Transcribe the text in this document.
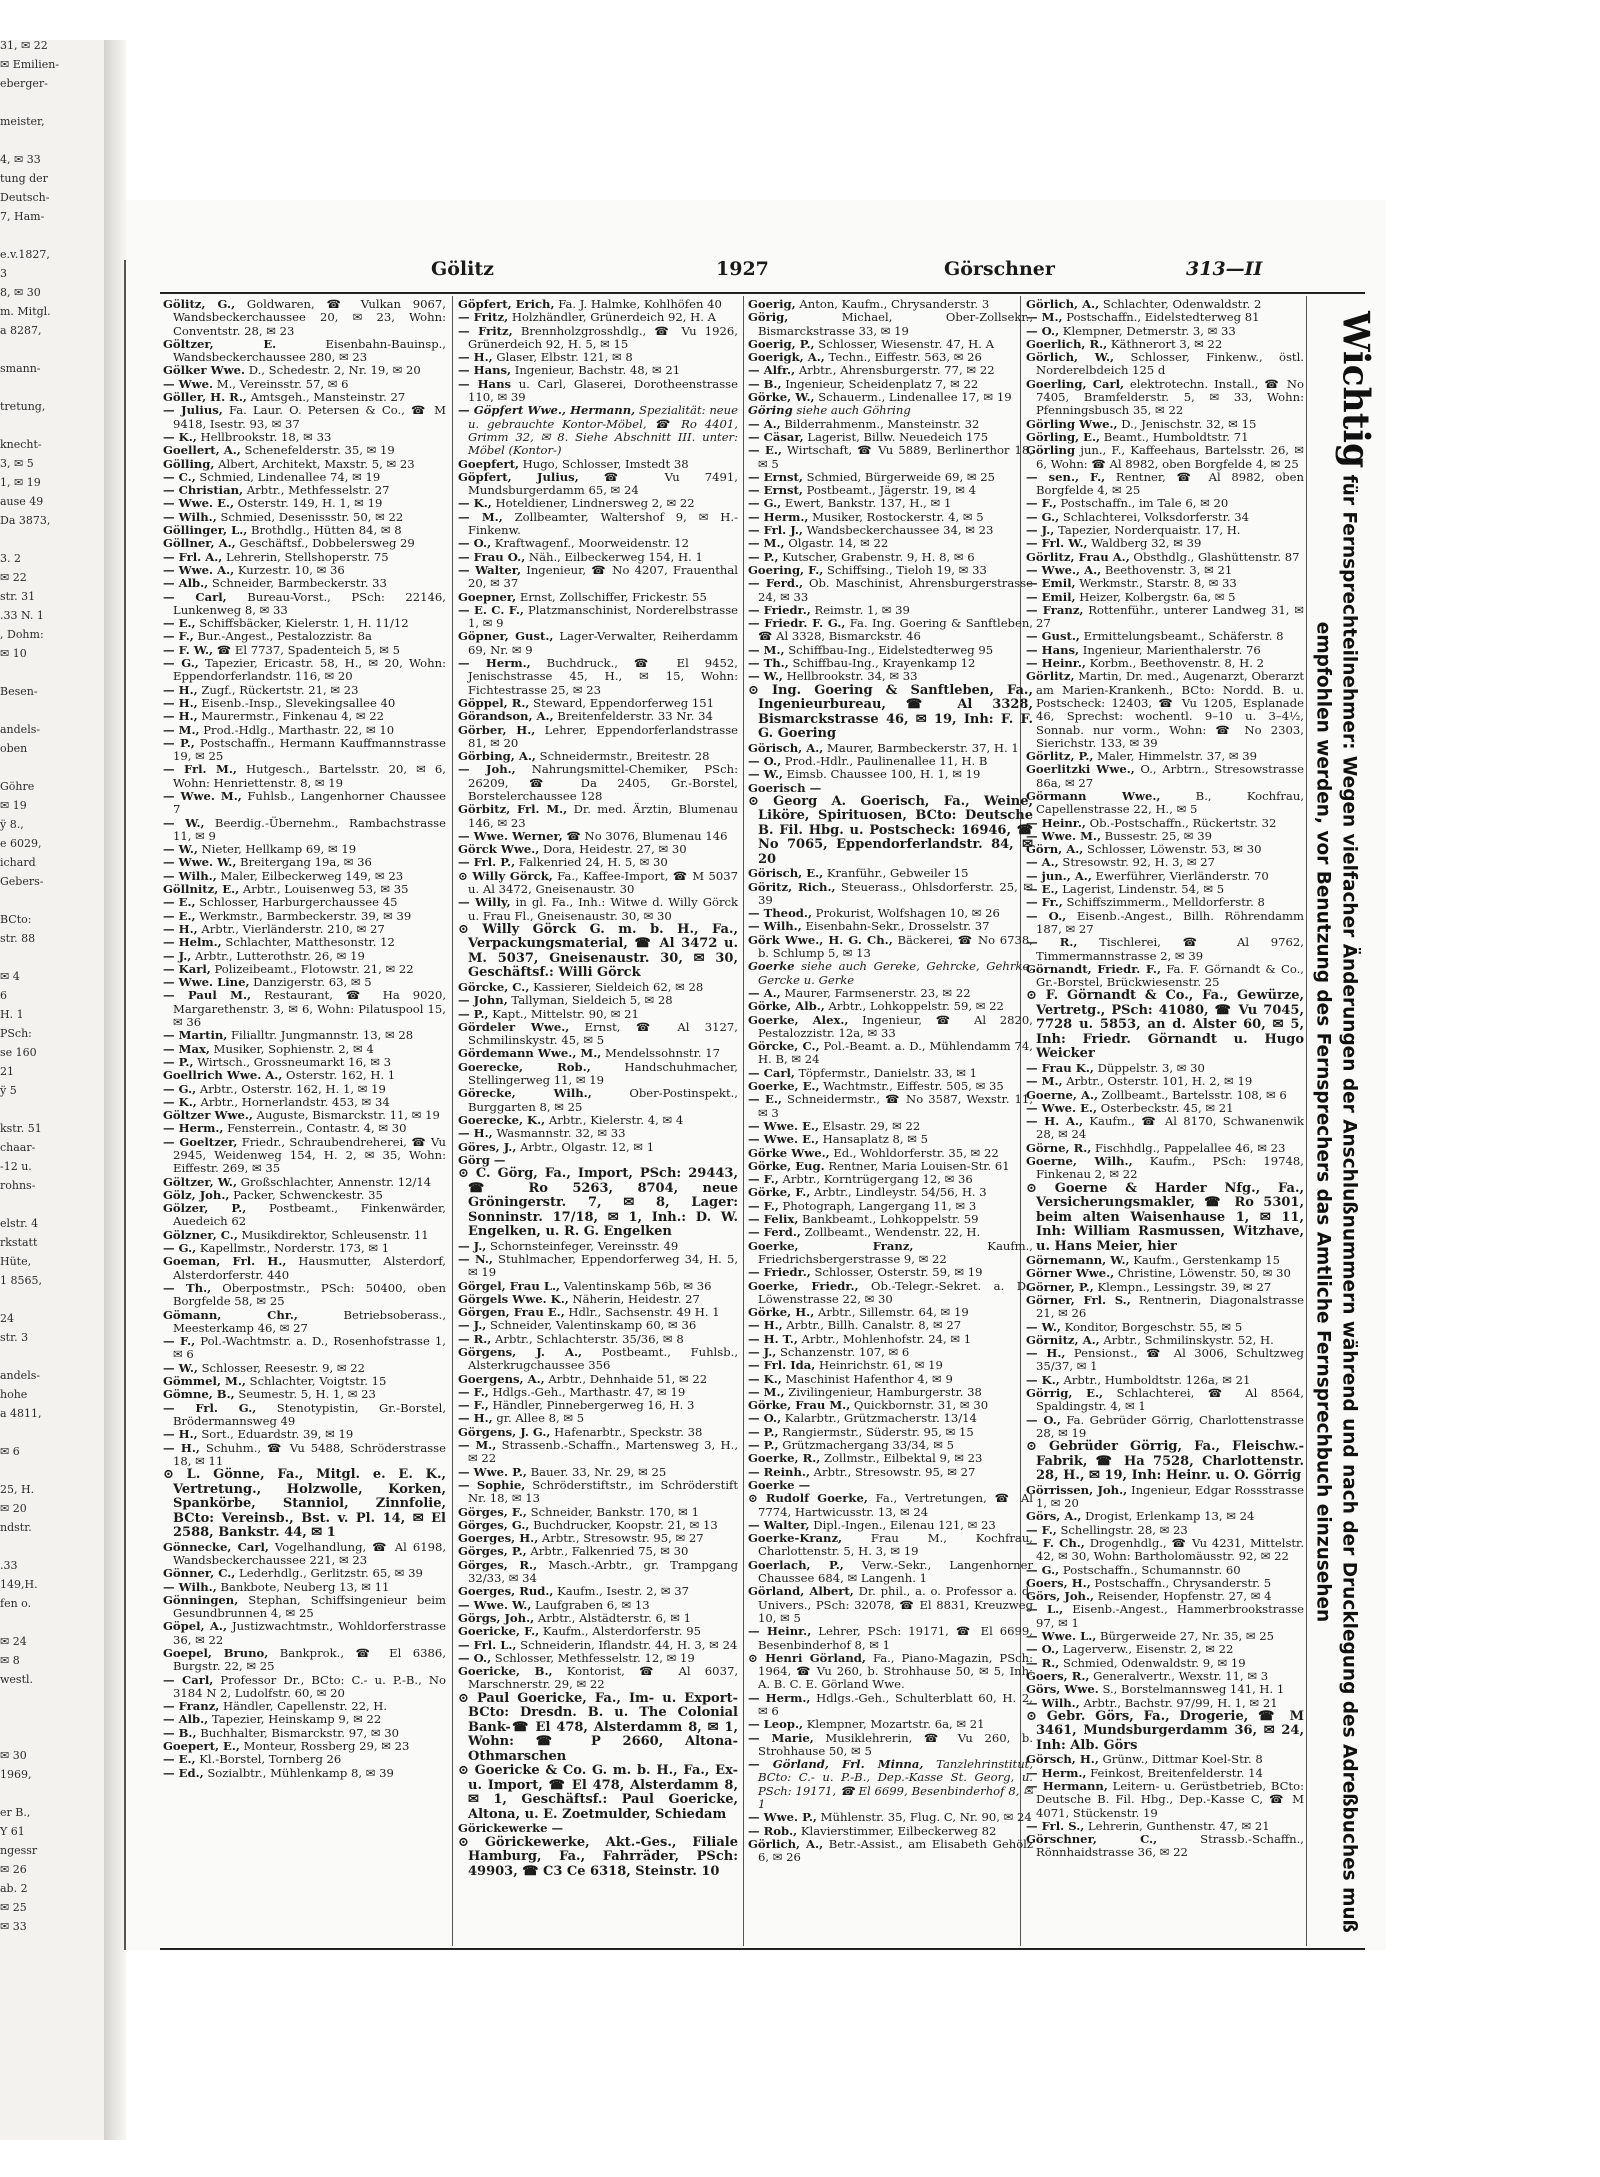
31, ✉ 22
✉ Emilien-
eberger-
meister,
4, ✉ 33
tung der
Deutsch-
7, Ham-
e.v.1827,
3
8, ✉ 30
m. Mitgl.
a 8287,
smann-
tretung,
knecht-
3, ✉ 5
1, ✉ 19
ause 49
Da 3873,
3. 2
✉ 22
str. 31
.33 N. 1
, Dohm:
✉ 10
Besen-
andels-
oben
Göhre
✉ 19
ÿ 8.,
e 6029,
ichard
Gebers-
BCto:
str. 88
✉ 4
6
H. 1
PSch:
se 160
21
ÿ 5
kstr. 51
chaar-
-12 u.
rohns-
elstr. 4
rkstatt
Hüte,
1 8565,
24
str. 3
andels-
hohe
a 4811,
✉ 6
25, H.
✉ 20
ndstr.
.33
149,H.
fen o.
✉ 24
✉ 8
westl.
✉ 30
1969,
er B.,
Y 61
ngessr
✉ 26
ab. 2
✉ 25
✉ 33
Gölitz	1927	Görschner	313—II

Gölitz, G., Goldwaren, ☎ Vulkan 9067, Wandsbeckerchaussee 20, ✉ 23, Wohn: Conventstr. 28, ✉ 23

Göltzer, E. Eisenbahn-Bauinsp., Wandsbeckerchaussee 280, ✉ 23

Gölker Wwe. D., Schedestr. 2, Nr. 19, ✉ 20

— Wwe. M., Vereinsstr. 57, ✉ 6

Göller, H. R., Amtsgeh., Mansteinstr. 27

— Julius, Fa. Laur. O. Petersen & Co., ☎ M 9418, Isestr. 93, ✉ 37

— K., Hellbrookstr. 18, ✉ 33

Goellert, A., Schenefelderstr. 35, ✉ 19

Gölling, Albert, Architekt, Maxstr. 5, ✉ 23

— C., Schmied, Lindenallee 74, ✉ 19

— Christian, Arbtr., Methfesselstr. 27

— Wwe. E., Osterstr. 149, H. 1, ✉ 19

— Wilh., Schmied, Desenissstr. 50, ✉ 22

Göllinger, L., Brothdlg., Hütten 84, ✉ 8

Göllner, A., Geschäftsf., Dobbelersweg 29

— Frl. A., Lehrerin, Stellshoperstr. 75

— Wwe. A., Kurzestr. 10, ✉ 36

— Alb., Schneider, Barmbeckerstr. 33

— Carl, Bureau-Vorst., PSch: 22146, Lunkenweg 8, ✉ 33

— E., Schiffsbäcker, Kielerstr. 1, H. 11/12

— F., Bur.-Angest., Pestalozzistr. 8a

— F. W., ☎ El 7737, Spadenteich 5, ✉ 5

— G., Tapezier, Ericastr. 58, H., ✉ 20, Wohn: Eppendorferlandstr. 116, ✉ 20

— H., Zugf., Rückertstr. 21, ✉ 23

— H., Eisenb.-Insp., Slevekingsallee 40

— H., Maurermstr., Finkenau 4, ✉ 22

— M., Prod.-Hdlg., Marthastr. 22, ✉ 10

— P., Postschaffn., Hermann Kauffmannstrasse 19, ✉ 25

— Frl. M., Hutgesch., Bartelsstr. 20, ✉ 6, Wohn: Henriettenstr. 8, ✉ 19

— Wwe. M., Fuhlsb., Langenhorner Chaussee 7

— W., Beerdig.-Übernehm., Rambachstrasse 11, ✉ 9

— W., Nieter, Hellkamp 69, ✉ 19

— Wwe. W., Breitergang 19a, ✉ 36

— Wilh., Maler, Eilbeckerweg 149, ✉ 23

Göllnitz, E., Arbtr., Louisenweg 53, ✉ 35

— E., Schlosser, Harburgerchaussee 45

— E., Werkmstr., Barmbeckerstr. 39, ✉ 39

— H., Arbtr., Vierländerstr. 210, ✉ 27

— Helm., Schlachter, Matthesonstr. 12

— J., Arbtr., Lutterothstr. 26, ✉ 19

— Karl, Polizeibeamt., Flotowstr. 21, ✉ 22

— Wwe. Line, Danzigerstr. 63, ✉ 5

— Paul M., Restaurant, ☎ Ha 9020, Margarethenstr. 3, ✉ 6, Wohn: Pilatuspool 15, ✉ 36

— Martin, Filialltr. Jungmannstr. 13, ✉ 28

— Max, Musiker, Sophienstr. 2, ✉ 4

— P., Wirtsch., Grossneumarkt 16, ✉ 3

Goellrich Wwe. A., Osterstr. 162, H. 1

— G., Arbtr., Osterstr. 162, H. 1, ✉ 19

— K., Arbtr., Hornerlandstr. 453, ✉ 34

Göltzer Wwe., Auguste, Bismarckstr. 11, ✉ 19

— Herm., Fensterrein., Contastr. 4, ✉ 30

— Goeltzer, Friedr., Schraubendreherei, ☎ Vu 2945, Weidenweg 154, H. 2, ✉ 35, Wohn: Eiffestr. 269, ✉ 35

Göltzer, W., Großschlachter, Annenstr. 12/14

Gölz, Joh., Packer, Schwenckestr. 35

Gölzer, P., Postbeamt., Finkenwärder, Auedeich 62

Gölzner, C., Musikdirektor, Schleusenstr. 11

— G., Kapellmstr., Norderstr. 173, ✉ 1

Goeman, Frl. H., Hausmutter, Alsterdorf, Alsterdorferstr. 440

— Th., Oberpostmstr., PSch: 50400, oben Borgfelde 58, ✉ 25

Gömann, Chr., Betriebsoberass., Meesterkamp 46, ✉ 27

— F., Pol.-Wachtmstr. a. D., Rosenhofstrasse 1, ✉ 6

— W., Schlosser, Reesestr. 9, ✉ 22

Gömmel, M., Schlachter, Voigtstr. 15

Gömne, B., Seumestr. 5, H. 1, ✉ 23

— Frl. G., Stenotypistin, Gr.-Borstel, Brödermannsweg 49

— H., Sort., Eduardstr. 39, ✉ 19

— H., Schuhm., ☎ Vu 5488, Schröderstrasse 18, ✉ 11

⊙ L. Gönne, Fa., Mitgl. e. E. K., Vertretung., Holzwolle, Korken, Spankörbe, Stanniol, Zinnfolie, BCto: Vereinsb., Bst. v. Pl. 14, ✉ El 2588, Bankstr. 44, ✉ 1

Gönnecke, Carl, Vogelhandlung, ☎ Al 6198, Wandsbeckerchaussee 221, ✉ 23

Gönner, C., Lederhdlg., Gerlitzstr. 65, ✉ 39

— Wilh., Bankbote, Neuberg 13, ✉ 11

Gönningen, Stephan, Schiffsingenieur beim Gesundbrunnen 4, ✉ 25

Göpel, A., Justizwachtmstr., Wohldorferstrasse 36, ✉ 22

Goepel, Bruno, Bankprok., ☎ El 6386, Burgstr. 22, ✉ 25

— Carl, Professor Dr., BCto: C.- u. P.-B., No 3184 N 2, Ludolfstr. 60, ✉ 20

— Franz, Händler, Capellenstr. 22, H.

— Alb., Tapezier, Heinskamp 9, ✉ 22

— B., Buchhalter, Bismarckstr. 97, ✉ 30

Goepert, E., Monteur, Rossberg 29, ✉ 23

— E., Kl.-Borstel, Tornberg 26

— Ed., Sozialbtr., Mühlenkamp 8, ✉ 39

Göpfert, Erich, Fa. J. Halmke, Kohlhöfen 40

— Fritz, Holzhändler, Grünerdeich 92, H. A

— Fritz, Brennholzgrosshdlg., ☎ Vu 1926, Grünerdeich 92, H. 5, ✉ 15

— H., Glaser, Elbstr. 121, ✉ 8

— Hans, Ingenieur, Bachstr. 48, ✉ 21

— Hans u. Carl, Glaserei, Dorotheenstrasse 110, ✉ 39

— Göpfert Wwe., Hermann, Spezialität: neue u. gebrauchte Kontor-Möbel, ☎ Ro 4401, Grimm 32, ✉ 8. Siehe Abschnitt III. unter: Möbel (Kontor-)

Goepfert, Hugo, Schlosser, Imstedt 38

Göpfert, Julius, ☎ Vu 7491, Mundsburgerdamm 65, ✉ 24

— K., Hoteldiener, Lindnersweg 2, ✉ 22

— M., Zollbeamter, Waltershof 9, ✉ H.-Finkenw.

— O., Kraftwagenf., Moorweidenstr. 12

— Frau O., Näh., Eilbeckerweg 154, H. 1

— Walter, Ingenieur, ☎ No 4207, Frauenthal 20, ✉ 37

Goepner, Ernst, Zollschiffer, Frickestr. 55

— E. C. F., Platzmanschinist, Norderelbstrasse 1, ✉ 9

Göpner, Gust., Lager-Verwalter, Reiherdamm 69, Nr. ✉ 9

— Herm., Buchdruck., ☎ El 9452, Jenischstrasse 45, H., ✉ 15, Wohn: Fichtestrasse 25, ✉ 23

Göppel, R., Steward, Eppendorferweg 151

Görandson, A., Breitenfelderstr. 33 Nr. 34

Görber, H., Lehrer, Eppendorferlandstrasse 81, ✉ 20

Görbing, A., Schneidermstr., Breitestr. 28

— Joh., Nahrungsmittel-Chemiker, PSch: 26209, ☎ Da 2405, Gr.-Borstel, Borstelerchaussee 128

Görbitz, Frl. M., Dr. med. Ärztin, Blumenau 146, ✉ 23

— Wwe. Werner, ☎ No 3076, Blumenau 146

Görck Wwe., Dora, Heidestr. 27, ✉ 30

— Frl. P., Falkenried 24, H. 5, ✉ 30

⊙ Willy Görck, Fa., Kaffee-Import, ☎ M 5037 u. Al 3472, Gneisenaustr. 30

— Willy, in gl. Fa., Inh.: Witwe d. Willy Görck u. Frau Fl., Gneisenaustr. 30, ✉ 30

⊙ Willy Görck G. m. b. H., Fa., Verpackungsmaterial, ☎ Al 3472 u. M. 5037, Gneisenaustr. 30, ✉ 30, Geschäftsf.: Willi Görck

Görcke, C., Kassierer, Sieldeich 62, ✉ 28

— John, Tallyman, Sieldeich 5, ✉ 28

— P., Kapt., Mittelstr. 90, ✉ 21

Gördeler Wwe., Ernst, ☎ Al 3127, Schmilinskystr. 45, ✉ 5

Gördemann Wwe., M., Mendelssohnstr. 17

Goerecke, Rob., Handschuhmacher, Stellingerweg 11, ✉ 19

Görecke, Wilh., Ober-Postinspekt., Burggarten 8, ✉ 25

Goerecke, K., Arbtr., Kielerstr. 4, ✉ 4

— H., Wasmannstr. 32, ✉ 33

Göres, J., Arbtr., Olgastr. 12, ✉ 1

Görg —

⊙ C. Görg, Fa., Import, PSch: 29443, ☎ Ro 5263, 8704, neue Gröningerstr. 7, ✉ 8, Lager: Sonninstr. 17/18, ✉ 1, Inh.: D. W. Engelken, u. R. G. Engelken

— J., Schornsteinfeger, Vereinsstr. 49

— N., Stuhlmacher, Eppendorferweg 34, H. 5, ✉ 19

Görgel, Frau L., Valentinskamp 56b, ✉ 36

Görgels Wwe. K., Näherin, Heidestr. 27

Görgen, Frau E., Hdlr., Sachsenstr. 49 H. 1

— J., Schneider, Valentinskamp 60, ✉ 36

— R., Arbtr., Schlachterstr. 35/36, ✉ 8

Görgens, J. A., Postbeamt., Fuhlsb., Alsterkrugchaussee 356

Goergens, A., Arbtr., Dehnhaide 51, ✉ 22

— F., Hdlgs.-Geh., Marthastr. 47, ✉ 19

— F., Händler, Pinnebergerweg 16, H. 3

— H., gr. Allee 8, ✉ 5

Görgens, J. G., Hafenarbtr., Speckstr. 38

— M., Strassenb.-Schaffn., Martensweg 3, H., ✉ 22

— Wwe. P., Bauer. 33, Nr. 29, ✉ 25

— Sophie, Schröderstiftstr., im Schröderstift Nr. 18, ✉ 13

Görges, F., Schneider, Bankstr. 170, ✉ 1

Görges, G., Buchdrucker, Koopstr. 21, ✉ 13

Goerges, H., Arbtr., Stresowstr. 95, ✉ 27

Görges, P., Arbtr., Falkenried 75, ✉ 30

Görges, R., Masch.-Arbtr., gr. Trampgang 32/33, ✉ 34

Goerges, Rud., Kaufm., Isestr. 2, ✉ 37

— Wwe. W., Laufgraben 6, ✉ 13

Görgs, Joh., Arbtr., Alstädterstr. 6, ✉ 1

Goericke, F., Kaufm., Alsterdorferstr. 95

— Frl. L., Schneiderin, Iflandstr. 44, H. 3, ✉ 24

— O., Schlosser, Methfesselstr. 12, ✉ 19

Goericke, B., Kontorist, ☎ Al 6037, Marschnerstr. 29, ✉ 22

⊙ Paul Goericke, Fa., Im- u. Export-BCto: Dresdn. B. u. The Colonial Bank-☎ El 478, Alsterdamm 8, ✉ 1, Wohn: ☎ P 2660, Altona-Othmarschen

⊙ Goericke & Co. G. m. b. H., Fa., Ex- u. Import, ☎ El 478, Alsterdamm 8, ✉ 1, Geschäftsf.: Paul Goericke, Altona, u. E. Zoetmulder, Schiedam

Görickewerke —

⊙ Görickewerke, Akt.-Ges., Filiale Hamburg, Fa., Fahrräder, PSch: 49903, ☎ C3 Ce 6318, Steinstr. 10

Goerig, Anton, Kaufm., Chrysanderstr. 3

Görig, Michael, Ober-Zollsekr., Bismarckstrasse 33, ✉ 19

Goerig, P., Schlosser, Wiesenstr. 47, H. A

Goerigk, A., Techn., Eiffestr. 563, ✉ 26

— Alfr., Arbtr., Ahrensburgerstr. 77, ✉ 22

— B., Ingenieur, Scheidenplatz 7, ✉ 22

Görke, W., Schauerm., Lindenallee 17, ✉ 19

Göring siehe auch Göhring

— A., Bilderrahmenm., Mansteinstr. 32

— Cäsar, Lagerist, Billw. Neuedeich 175

— E., Wirtschaft, ☎ Vu 5889, Berlinerthor 18, ✉ 5

— Ernst, Schmied, Bürgerweide 69, ✉ 25

— Ernst, Postbeamt., Jägerstr. 19, ✉ 4

— G., Ewert, Bankstr. 137, H., ✉ 1

— Herm., Musiker, Rostockerstr. 4, ✉ 5

— Frl. J., Wandsbeckerchaussee 34, ✉ 23

— M., Olgastr. 14, ✉ 22

— P., Kutscher, Grabenstr. 9, H. 8, ✉ 6

Goering, F., Schiffsing., Tieloh 19, ✉ 33

— Ferd., Ob. Maschinist, Ahrensburgerstrasse 24, ✉ 33

— Friedr., Reimstr. 1, ✉ 39

— Friedr. F. G., Fa. Ing. Goering & Sanftleben, ☎ Al 3328, Bismarckstr. 46

— M., Schiffbau-Ing., Eidelstedterweg 95

— Th., Schiffbau-Ing., Krayenkamp 12

— W., Hellbrookstr. 34, ✉ 33

⊙ Ing. Goering & Sanftleben, Fa., Ingenieurbureau, ☎ Al 3328, Bismarckstrasse 46, ✉ 19, Inh: F. F. G. Goering

Görisch, A., Maurer, Barmbeckerstr. 37, H. 1

— O., Prod.-Hdlr., Paulinenallee 11, H. B

— W., Eimsb. Chaussee 100, H. 1, ✉ 19

Goerisch —

⊙ Georg A. Goerisch, Fa., Weine, Liköre, Spirituosen, BCto: Deutsche B. Fil. Hbg. u. Postscheck: 16946, ☎ No 7065, Eppendorferlandstr. 84, ✉ 20

Görisch, E., Kranführ., Gebweiler 15

Göritz, Rich., Steuerass., Ohlsdorferstr. 25, ✉ 39

— Theod., Prokurist, Wolfshagen 10, ✉ 26

— Wilh., Eisenbahn-Sekr., Drosselstr. 37

Görk Wwe., H. G. Ch., Bäckerei, ☎ No 6738, b. Schlump 5, ✉ 13

Goerke siehe auch Gereke, Gehrcke, Gehrke, Gercke u. Gerke

— A., Maurer, Farmsenerstr. 23, ✉ 22

Görke, Alb., Arbtr., Lohkoppelstr. 59, ✉ 22

Goerke, Alex., Ingenieur, ☎ Al 2820, Pestalozzistr. 12a, ✉ 33

Görcke, C., Pol.-Beamt. a. D., Mühlendamm 74, H. B, ✉ 24

— Carl, Töpfermstr., Danielstr. 33, ✉ 1

Goerke, E., Wachtmstr., Eiffestr. 505, ✉ 35

— E., Schneidermstr., ☎ No 3587, Wexstr. 11, ✉ 3

— Wwe. E., Elsastr. 29, ✉ 22

— Wwe. E., Hansaplatz 8, ✉ 5

Görke Wwe., Ed., Wohldorferstr. 35, ✉ 22

Görke, Eug. Rentner, Maria Louisen-Str. 61

— F., Arbtr., Korntrügergang 12, ✉ 36

Görke, F., Arbtr., Lindleystr. 54/56, H. 3

— F., Photograph, Langergang 11, ✉ 3

— Felix, Bankbeamt., Lohkoppelstr. 59

— Ferd., Zollbeamt., Wendenstr. 22, H.

Goerke, Franz, Kaufm., Friedrichsbergerstrasse 9, ✉ 22

— Friedr., Schlosser, Osterstr. 59, ✉ 19

Goerke, Friedr., Ob.-Telegr.-Sekret. a. D., Löwenstrasse 22, ✉ 30

Görke, H., Arbtr., Sillemstr. 64, ✉ 19

— H., Arbtr., Billh. Canalstr. 8, ✉ 27

— H. T., Arbtr., Mohlenhofstr. 24, ✉ 1

— J., Schanzenstr. 107, ✉ 6

— Frl. Ida, Heinrichstr. 61, ✉ 19

— K., Maschinist Hafenthor 4, ✉ 9

— M., Zivilingenieur, Hamburgerstr. 38

Görke, Frau M., Quickbornstr. 31, ✉ 30

— O., Kalarbtr., Grützmacherstr. 13/14

— P., Rangiermstr., Süderstr. 95, ✉ 15

— P., Grützmachergang 33/34, ✉ 5

Goerke, R., Zollmstr., Eilbektal 9, ✉ 23

— Reinh., Arbtr., Stresowstr. 95, ✉ 27

Goerke —

⊙ Rudolf Goerke, Fa., Vertretungen, ☎ Al 7774, Hartwicusstr. 13, ✉ 24

— Walter, Dipl.-Ingen., Eilenau 121, ✉ 23

Goerke-Kranz, Frau M., Kochfrau, Charlottenstr. 5, H. 3, ✉ 19

Goerlach, P., Verw.-Sekr., Langenhorner Chaussee 684, ✉ Langenh. 1

Görland, Albert, Dr. phil., a. o. Professor a. d. Univers., PSch: 32078, ☎ El 8831, Kreuzweg 10, ✉ 5

— Heinr., Lehrer, PSch: 19171, ☎ El 6699, Besenbinderhof 8, ✉ 1

⊙ Henri Görland, Fa., Piano-Magazin, PSch: 1964, ☎ Vu 260, b. Strohhause 50, ✉ 5, Inh: A. B. C. E. Görland Wwe.

— Herm., Hdlgs.-Geh., Schulterblatt 60, H. 2, ✉ 6

— Leop., Klempner, Mozartstr. 6a, ✉ 21

— Marie, Musiklehrerin, ☎ Vu 260, b. Strohhause 50, ✉ 5

— Görland, Frl. Minna, Tanzlehrinstitut, BCto: C.- u. P.-B., Dep.-Kasse St. Georg, u. PSch: 19171, ☎ El 6699, Besenbinderhof 8, ✉ 1

— Wwe. P., Mühlenstr. 35, Flug. C, Nr. 90, ✉ 24

— Rob., Klavierstimmer, Eilbeckerweg 82

Görlich, A., Betr.-Assist., am Elisabeth Gehölz 6, ✉ 26

Görlich, A., Schlachter, Odenwaldstr. 2

— M., Postschaffn., Eidelstedterweg 81

— O., Klempner, Detmerstr. 3, ✉ 33

Goerlich, R., Käthnerort 3, ✉ 22

Görlich, W., Schlosser, Finkenw., östl. Norderelbdeich 125 d

Goerling, Carl, elektrotechn. Install., ☎ No 7405, Bramfelderstr. 5, ✉ 33, Wohn: Pfenningsbusch 35, ✉ 22

Görling Wwe., D., Jenischstr. 32, ✉ 15

Görling, E., Beamt., Humboldtstr. 71

Görling jun., F., Kaffeehaus, Bartelsstr. 26, ✉ 6, Wohn: ☎ Al 8982, oben Borgfelde 4, ✉ 25

— sen., F., Rentner, ☎ Al 8982, oben Borgfelde 4, ✉ 25

— F., Postschaffn., im Tale 6, ✉ 20

— G., Schlachterei, Volksdorferstr. 34

— J., Tapezier, Norderquaistr. 17, H.

— Frl. W., Waldberg 32, ✉ 39

Görlitz, Frau A., Obsthdlg., Glashüttenstr. 87

— Wwe., A., Beethovenstr. 3, ✉ 21

— Emil, Werkmstr., Starstr. 8, ✉ 33

— Emil, Heizer, Kolbergstr. 6a, ✉ 5

— Franz, Rottenführ., unterer Landweg 31, ✉ 27

— Gust., Ermittelungsbeamt., Schäferstr. 8

— Hans, Ingenieur, Marienthalerstr. 76

— Heinr., Korbm., Beethovenstr. 8, H. 2

Görlitz, Martin, Dr. med., Augenarzt, Oberarzt am Marien-Krankenh., BCto: Nordd. B. u. Postscheck: 12403, ☎ Vu 1205, Esplanade 46, Sprechst: wochentl. 9–10 u. 3–4½, Sonnab. nur vorm., Wohn: ☎ No 2303, Sierichstr. 133, ✉ 39

Görlitz, P., Maler, Himmelstr. 37, ✉ 39

Goerlitzki Wwe., O., Arbtrn., Stresowstrasse 86a, ✉ 27

Görmann Wwe., B., Kochfrau, Capellenstrasse 22, H., ✉ 5

— Heinr., Ob.-Postschaffn., Rückertstr. 32

— Wwe. M., Bussestr. 25, ✉ 39

Görn, A., Schlosser, Löwenstr. 53, ✉ 30

— A., Stresowstr. 92, H. 3, ✉ 27

— jun., A., Ewerführer, Vierländerstr. 70

— E., Lagerist, Lindenstr. 54, ✉ 5

— Fr., Schiffszimmerm., Melldorferstr. 8

— O., Eisenb.-Angest., Billh. Röhrendamm 187, ✉ 27

— R., Tischlerei, ☎ Al 9762, Timmermannstrasse 2, ✉ 39

Görnandt, Friedr. F., Fa. F. Görnandt & Co., Gr.-Borstel, Brückwiesenstr. 25

⊙ F. Görnandt & Co., Fa., Gewürze, Vertretg., PSch: 41080, ☎ Vu 7045, 7728 u. 5853, an d. Alster 60, ✉ 5, Inh: Friedr. Görnandt u. Hugo Weicker

— Frau K., Düppelstr. 3, ✉ 30

— M., Arbtr., Osterstr. 101, H. 2, ✉ 19

Goerne, A., Zollbeamt., Bartelsstr. 108, ✉ 6

— Wwe. E., Osterbeckstr. 45, ✉ 21

— H. A., Kaufm., ☎ Al 8170, Schwanenwik 28, ✉ 24

Görne, R., Fischhdlg., Pappelallee 46, ✉ 23

Goerne, Wilh., Kaufm., PSch: 19748, Finkenau 2, ✉ 22

⊙ Goerne & Harder Nfg., Fa., Versicherungsmakler, ☎ Ro 5301, beim alten Waisenhause 1, ✉ 11, Inh: William Rasmussen, Witzhave, u. Hans Meier, hier

Görnemann, W., Kaufm., Gerstenkamp 15

Görner Wwe., Christine, Löwenstr. 50, ✉ 30

Görner, P., Klempn., Lessingstr. 39, ✉ 27

Görner, Frl. S., Rentnerin, Diagonalstrasse 21, ✉ 26

— W., Konditor, Borgeschstr. 55, ✉ 5

Görnitz, A., Arbtr., Schmilinskystr. 52, H.

— H., Pensionst., ☎ Al 3006, Schultzweg 35/37, ✉ 1

— K., Arbtr., Humboldtstr. 126a, ✉ 21

Görrig, E., Schlachterei, ☎ Al 8564, Spaldingstr. 4, ✉ 1

— O., Fa. Gebrüder Görrig, Charlottenstrasse 28, ✉ 19

⊙ Gebrüder Görrig, Fa., Fleischw.-Fabrik, ☎ Ha 7528, Charlottenstr. 28, H., ✉ 19, Inh: Heinr. u. O. Görrig

Görrissen, Joh., Ingenieur, Edgar Rossstrasse 1, ✉ 20

Görs, A., Drogist, Erlenkamp 13, ✉ 24

— F., Schellingstr. 28, ✉ 23

— F. Ch., Drogenhdlg., ☎ Vu 4231, Mittelstr. 42, ✉ 30, Wohn: Bartholomäusstr. 92, ✉ 22

— G., Postschaffn., Schumannstr. 60

Goers, H., Postschaffn., Chrysanderstr. 5

Görs, Joh., Reisender, Hopfenstr. 27, ✉ 4

— L., Eisenb.-Angest., Hammerbrookstrasse 97, ✉ 1

— Wwe. L., Bürgerweide 27, Nr. 35, ✉ 25

— O., Lagerverw., Eisenstr. 2, ✉ 22

— R., Schmied, Odenwaldstr. 9, ✉ 19

Goers, R., Generalvertr., Wexstr. 11, ✉ 3

Görs, Wwe. S., Borstelmannsweg 141, H. 1

— Wilh., Arbtr., Bachstr. 97/99, H. 1, ✉ 21

⊙ Gebr. Görs, Fa., Drogerie, ☎ M 3461, Mundsburgerdamm 36, ✉ 24, Inh: Alb. Görs

Görsch, H., Grünw., Dittmar Koel-Str. 8

— Herm., Feinkost, Breitenfelderstr. 14

— Hermann, Leitern- u. Gerüstbetrieb, BCto: Deutsche B. Fil. Hbg., Dep.-Kasse C, ☎ M 4071, Stückenstr. 19

— Frl. S., Lehrerin, Gunthenstr. 47, ✉ 21

Görschner, C., Strassb.-Schaffn., Rönnhaidstrasse 36, ✉ 22

Wichtig für Fernsprechteilnehmer: Wegen vielfacher Änderungen der Anschlußnummern während und nach der Drucklegung des Adreßbuches muß empfohlen werden, vor Benutzung des Fernsprechers das Amtliche Fernsprechbuch einzusehen
